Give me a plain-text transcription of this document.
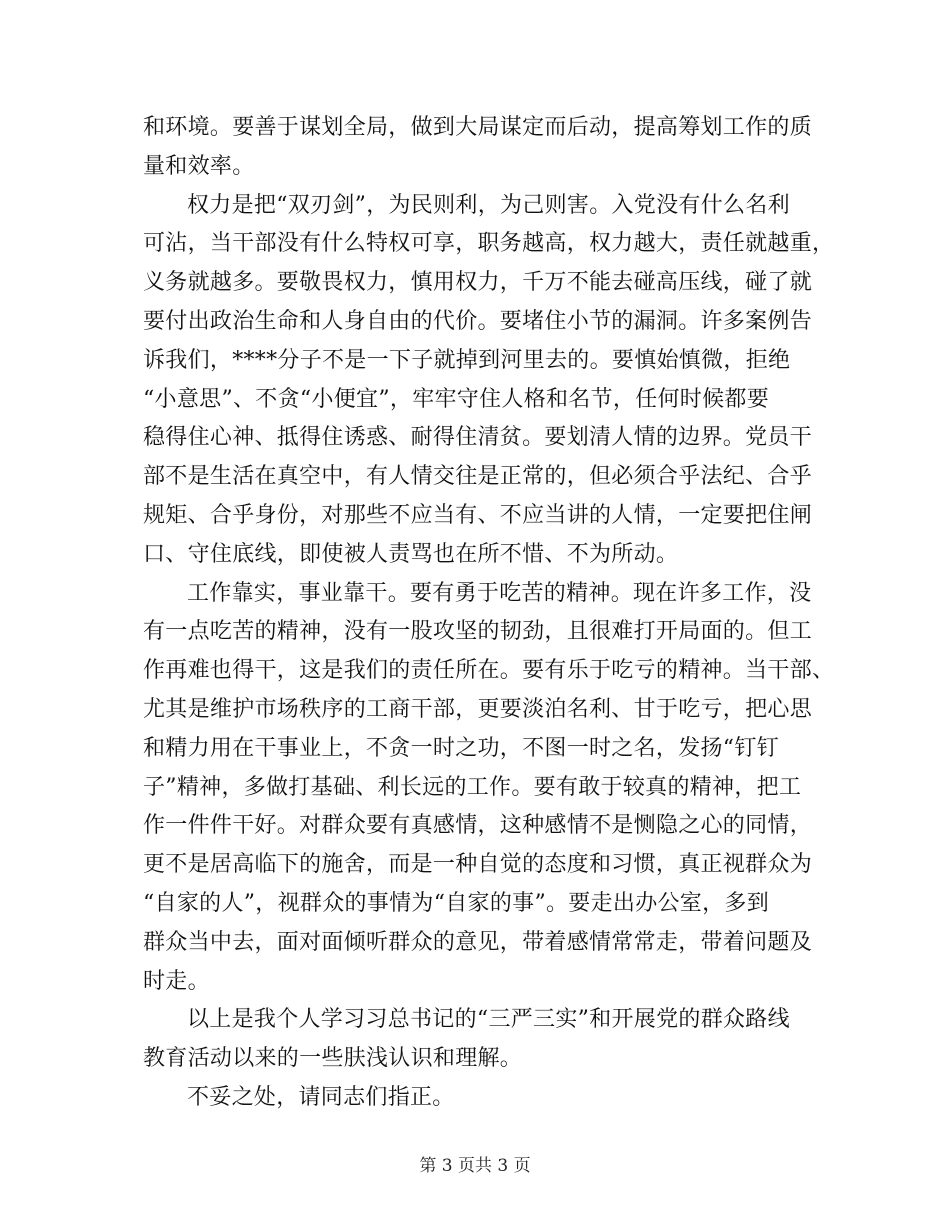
和环境。要善于谋划全局，做到大局谋定而后动，提高筹划工作的质
量和效率。
权力是把“双刃剑”，为民则利，为己则害。入党没有什么名利
可沾，当干部没有什么特权可享，职务越高，权力越大，责任就越重，
义务就越多。要敬畏权力，慎用权力，千万不能去碰高压线，碰了就
要付出政治生命和人身自由的代价。要堵住小节的漏洞。许多案例告
诉我们，****分子不是一下子就掉到河里去的。要慎始慎微，拒绝
“小意思”、不贪“小便宜”，牢牢守住人格和名节，任何时候都要
稳得住心神、抵得住诱惑、耐得住清贫。要划清人情的边界。党员干
部不是生活在真空中，有人情交往是正常的，但必须合乎法纪、合乎
规矩、合乎身份，对那些不应当有、不应当讲的人情，一定要把住闸
口、守住底线，即使被人责骂也在所不惜、不为所动。
工作靠实，事业靠干。要有勇于吃苦的精神。现在许多工作，没
有一点吃苦的精神，没有一股攻坚的韧劲，且很难打开局面的。但工
作再难也得干，这是我们的责任所在。要有乐于吃亏的精神。当干部、
尤其是维护市场秩序的工商干部，更要淡泊名利、甘于吃亏，把心思
和精力用在干事业上，不贪一时之功，不图一时之名，发扬“钉钉
子”精神，多做打基础、利长远的工作。要有敢于较真的精神，把工
作一件件干好。对群众要有真感情，这种感情不是恻隐之心的同情，
更不是居高临下的施舍，而是一种自觉的态度和习惯，真正视群众为
“自家的人”，视群众的事情为“自家的事”。要走出办公室，多到
群众当中去，面对面倾听群众的意见，带着感情常常走，带着问题及
时走。
以上是我个人学习习总书记的“三严三实”和开展党的群众路线
教育活动以来的一些肤浅认识和理解。
不妥之处，请同志们指正。
第 3 页共 3 页
